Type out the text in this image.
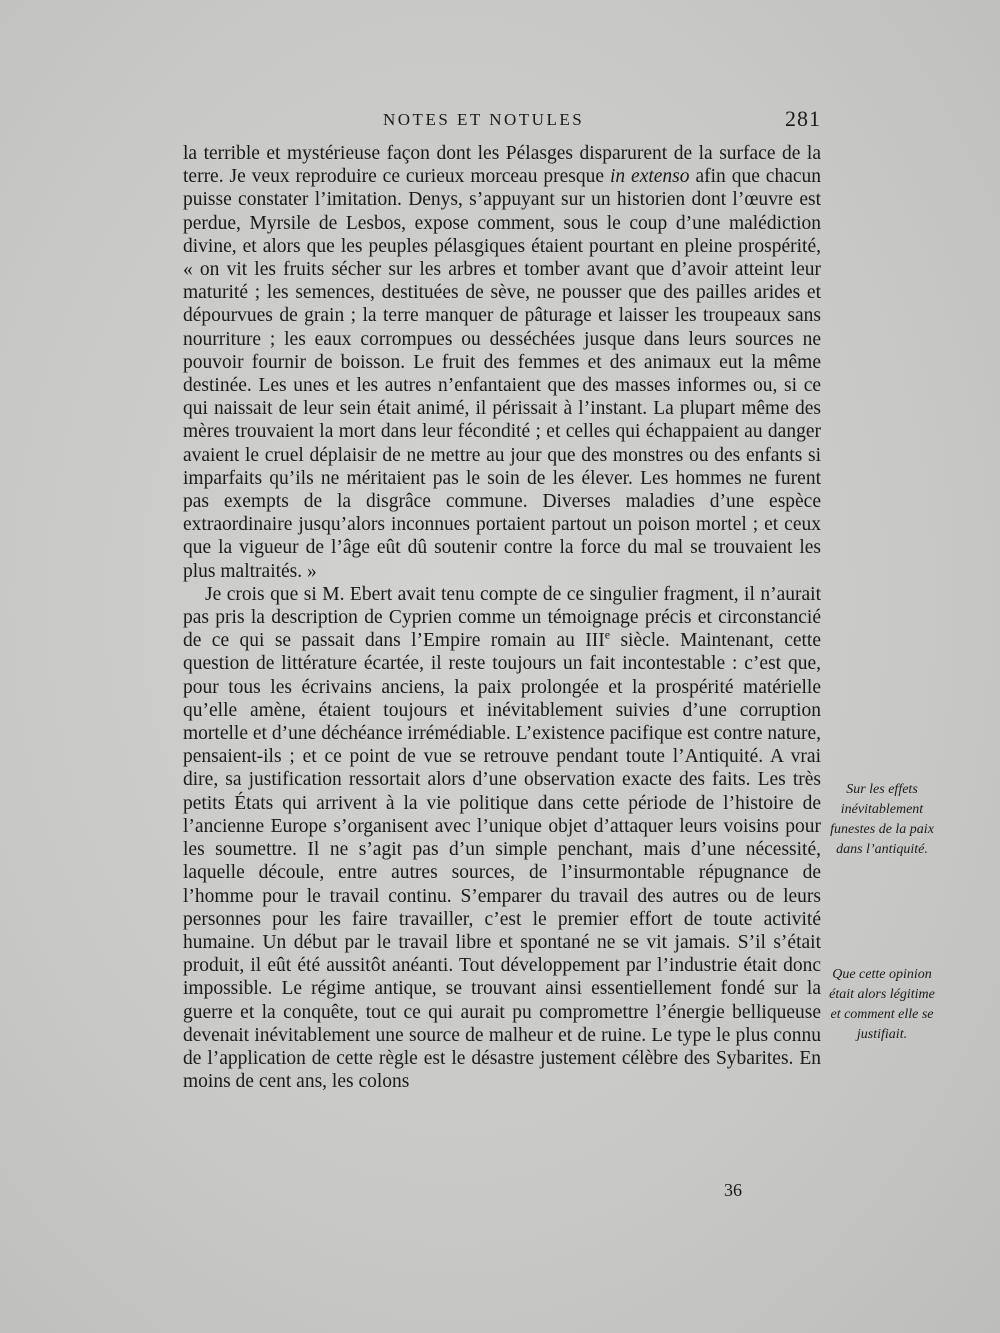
NOTES ET NOTULES	281

la terrible et mystérieuse façon dont les Pélasges disparurent de la surface de la terre. Je veux reproduire ce curieux morceau presque in extenso afin que chacun puisse constater l’imitation. Denys, s’appuyant sur un historien dont l’œuvre est perdue, Myrsile de Lesbos, expose comment, sous le coup d’une malédiction divine, et alors que les peuples pélasgiques étaient pourtant en pleine prospérité, « on vit les fruits sécher sur les arbres et tomber avant que d’avoir atteint leur maturité ; les semences, destituées de sève, ne pousser que des pailles arides et dépourvues de grain ; la terre manquer de pâturage et laisser les troupeaux sans nourriture ; les eaux corrompues ou desséchées jusque dans leurs sources ne pouvoir fournir de boisson. Le fruit des femmes et des animaux eut la même destinée. Les unes et les autres n’enfantaient que des masses informes ou, si ce qui naissait de leur sein était animé, il périssait à l’instant. La plupart même des mères trouvaient la mort dans leur fécondité ; et celles qui échappaient au danger avaient le cruel déplaisir de ne mettre au jour que des monstres ou des enfants si imparfaits qu’ils ne méritaient pas le soin de les élever. Les hommes ne furent pas exempts de la disgrâce commune. Diverses maladies d’une espèce extraordinaire jusqu’alors inconnues portaient partout un poison mortel ; et ceux que la vigueur de l’âge eût dû soutenir contre la force du mal se trouvaient les plus maltraités. »

Je crois que si M. Ebert avait tenu compte de ce singulier fragment, il n’aurait pas pris la description de Cyprien comme un témoignage précis et circonstancié de ce qui se passait dans l’Empire romain au IIIe siècle. Maintenant, cette question de littérature écartée, il reste toujours un fait incontestable : c’est que, pour tous les écrivains anciens, la paix prolongée et la prospérité matérielle qu’elle amène, étaient toujours et inévitablement suivies d’une corruption mortelle et d’une déchéance irrémédiable. L’existence pacifique est contre nature, pensaient-ils ; et ce point de vue se retrouve pendant toute l’Antiquité. A vrai dire, sa justification ressortait alors d’une observation exacte des faits. Les très petits États qui arrivent à la vie politique dans cette période de l’histoire de l’ancienne Europe s’organisent avec l’unique objet d’attaquer leurs voisins pour les soumettre. Il ne s’agit pas d’un simple penchant, mais d’une nécessité, laquelle découle, entre autres sources, de l’insurmontable répugnance de l’homme pour le travail continu. S’emparer du travail des autres ou de leurs personnes pour les faire travailler, c’est le premier effort de toute activité humaine. Un début par le travail libre et spontané ne se vit jamais. S’il s’était produit, il eût été aussitôt anéanti. Tout développement par l’industrie était donc impossible. Le régime antique, se trouvant ainsi essentiellement fondé sur la guerre et la conquête, tout ce qui aurait pu compromettre l’énergie belliqueuse devenait inévitablement une source de malheur et de ruine. Le type le plus connu de l’application de cette règle est le désastre justement célèbre des Sybarites. En moins de cent ans, les colons

Sur les effets inévitablement funestes de la paix dans l’antiquité.
Que cette opinion était alors légitime et comment elle se justifiait.
36
